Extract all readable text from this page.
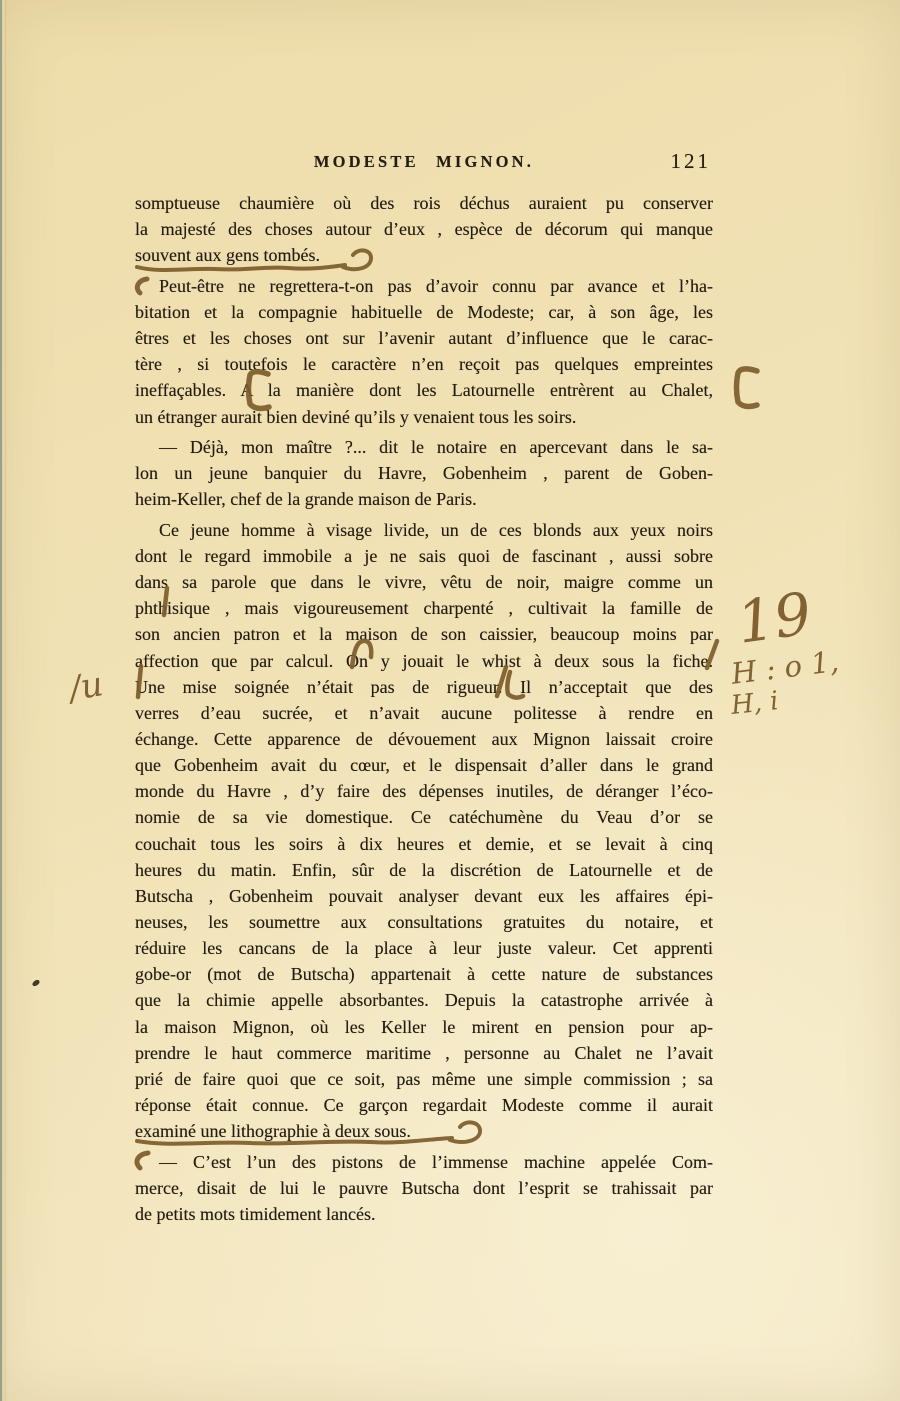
MODESTE MIGNON.	121
somptueuse chaumière où des rois déchus auraient pu conserver
la majesté des choses autour d’eux , espèce de décorum qui manque
souvent aux gens tombés.
Peut-être ne regrettera-t-on pas d’avoir connu par avance et l’ha-
bitation et la compagnie habituelle de Modeste; car, à son âge, les
êtres et les choses ont sur l’avenir autant d’influence que le carac-
tère , si toutefois le caractère n’en reçoit pas quelques empreintes
ineffaçables. A la manière dont les Latournelle entrèrent au Chalet,
un étranger aurait bien deviné qu’ils y venaient tous les soirs.
— Déjà, mon maître ?... dit le notaire en apercevant dans le sa-
lon un jeune banquier du Havre, Gobenheim , parent de Goben-
heim-Keller, chef de la grande maison de Paris.
Ce jeune homme à visage livide, un de ces blonds aux yeux noirs
dont le regard immobile a je ne sais quoi de fascinant , aussi sobre
dans sa parole que dans le vivre, vêtu de noir, maigre comme un
phthisique , mais vigoureusement charpenté , cultivait la famille de
son ancien patron et la maison de son caissier, beaucoup moins par
affection que par calcul. On y jouait le whist à deux sous la fiche.
Une mise soignée n’était pas de rigueur. Il n’acceptait que des
verres d’eau sucrée, et n’avait aucune politesse à rendre en
échange. Cette apparence de dévouement aux Mignon laissait croire
que Gobenheim avait du cœur, et le dispensait d’aller dans le grand
monde du Havre , d’y faire des dépenses inutiles, de déranger l’éco-
nomie de sa vie domestique. Ce catéchumène du Veau d’or se
couchait tous les soirs à dix heures et demie, et se levait à cinq
heures du matin. Enfin, sûr de la discrétion de Latournelle et de
Butscha , Gobenheim pouvait analyser devant eux les affaires épi-
neuses, les soumettre aux consultations gratuites du notaire, et
réduire les cancans de la place à leur juste valeur. Cet apprenti
gobe-or (mot de Butscha) appartenait à cette nature de substances
que la chimie appelle absorbantes. Depuis la catastrophe arrivée à
la maison Mignon, où les Keller le mirent en pension pour ap-
prendre le haut commerce maritime , personne au Chalet ne l’avait
prié de faire quoi que ce soit, pas même une simple commission ; sa
réponse était connue. Ce garçon regardait Modeste comme il aurait
examiné une lithographie à deux sous.
— C’est l’un des pistons de l’immense machine appelée Com-
merce, disait de lui le pauvre Butscha dont l’esprit se trahissait par
de petits mots timidement lancés.
19
H : o 1,
H, i
/u
